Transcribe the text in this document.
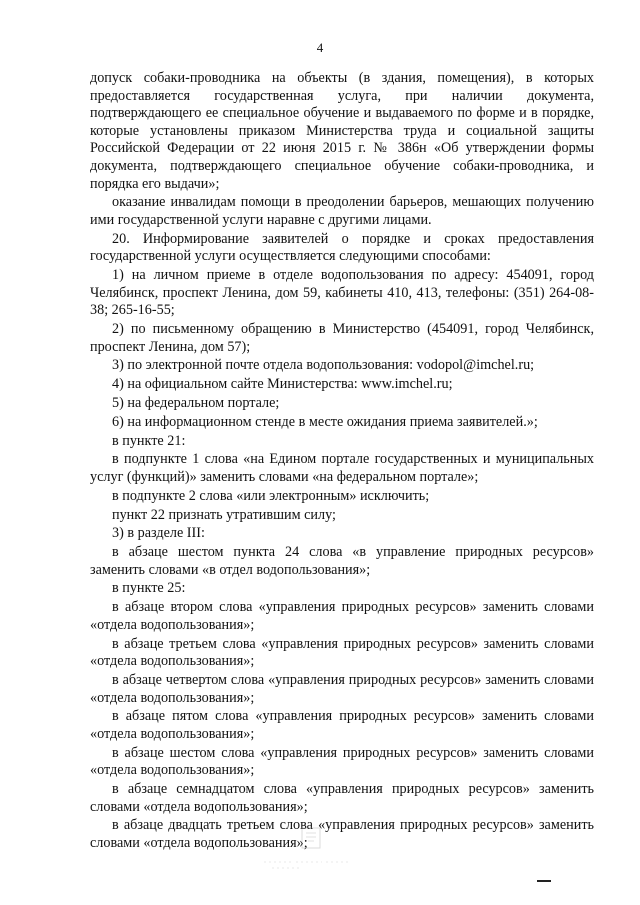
4

допуск собаки-проводника на объекты (в здания, помещения), в которых предоставляется государственная услуга, при наличии документа, подтверждающего ее специальное обучение и выдаваемого по форме и в порядке, которые установлены приказом Министерства труда и социальной защиты Российской Федерации от 22 июня 2015 г. № 386н «Об утверждении формы документа, подтверждающего специальное обучение собаки-проводника, и порядка его выдачи»;

оказание инвалидам помощи в преодолении барьеров, мешающих получению ими государственной услуги наравне с другими лицами.

20. Информирование заявителей о порядке и сроках предоставления государственной услуги осуществляется следующими способами:

1) на личном приеме в отделе водопользования по адресу: 454091, город Челябинск, проспект Ленина, дом 59, кабинеты 410, 413, телефоны: (351) 264-08-38; 265-16-55;

2) по письменному обращению в Министерство (454091, город Челябинск, проспект Ленина, дом 57);

3) по электронной почте отдела водопользования: vodopol@imchel.ru;

4) на официальном сайте Министерства: www.imchel.ru;

5) на федеральном портале;

6) на информационном стенде в месте ожидания приема заявителей.»;

в пункте 21:

в подпункте 1 слова «на Едином портале государственных и муниципальных услуг (функций)» заменить словами «на федеральном портале»;

в подпункте 2 слова «или электронным» исключить;

пункт 22 признать утратившим силу;

3) в разделе III:

в абзаце шестом пункта 24 слова «в управление природных ресурсов» заменить словами «в отдел водопользования»;

в пункте 25:

в абзаце втором слова «управления природных ресурсов» заменить словами «отдела водопользования»;

в абзаце третьем слова «управления природных ресурсов» заменить словами «отдела водопользования»;

в абзаце четвертом слова «управления природных ресурсов» заменить словами «отдела водопользования»;

в абзаце пятом слова «управления природных ресурсов» заменить словами «отдела водопользования»;

в абзаце шестом слова «управления природных ресурсов» заменить словами «отдела водопользования»;

в абзаце семнадцатом слова «управления природных ресурсов» заменить словами «отдела водопользования»;

в абзаце двадцать третьем слова «управления природных ресурсов» заменить словами «отдела водопользования»;
